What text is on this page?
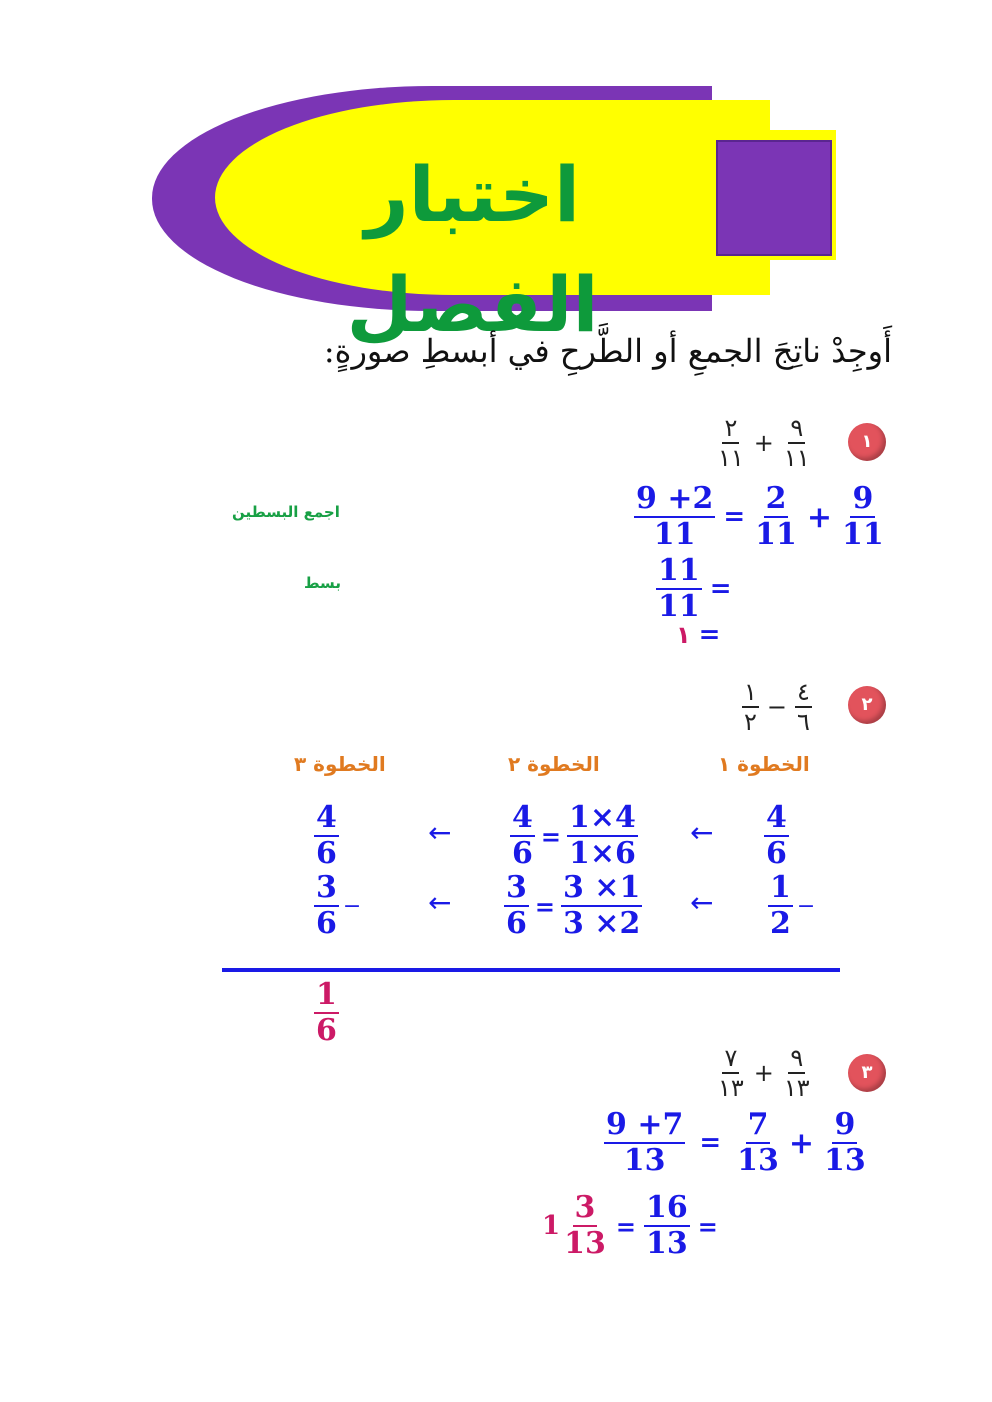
اختبار الفصل
أَوجِدْ ناتِجَ الجمعِ أو الطَّرحِ في أبسطِ صورةٍ:
١
$\frac{٢}{١١} + \frac{٩}{١١}$
$\frac{9 +2}{11} = \frac{2}{11} + \frac{9}{11}$
اجمع البسطين
$\frac{11}{11}$ =
بسط
١ =
٢
$\frac{١}{٢} - \frac{٤}{٦}$
الخطوة ١
الخطوة ٢
الخطوة ٣
$\frac{4}{6}$
←
$\frac{4}{6} = \frac{1\times 4}{1\times 6}$
←
$\frac{4}{6}$
$\frac{1}{2}$ −
←
$\frac{3}{6} = \frac{3 \times 1}{3 \times 2}$
←
$\frac{3}{6}$ −
$\frac{1}{6}$
٣
$\frac{٧}{١٣} + \frac{٩}{١٣}$
$\frac{9 +7}{13} = \frac{7}{13} + \frac{9}{13}$
$1 \frac{3}{13} = \frac{16}{13}$ =
